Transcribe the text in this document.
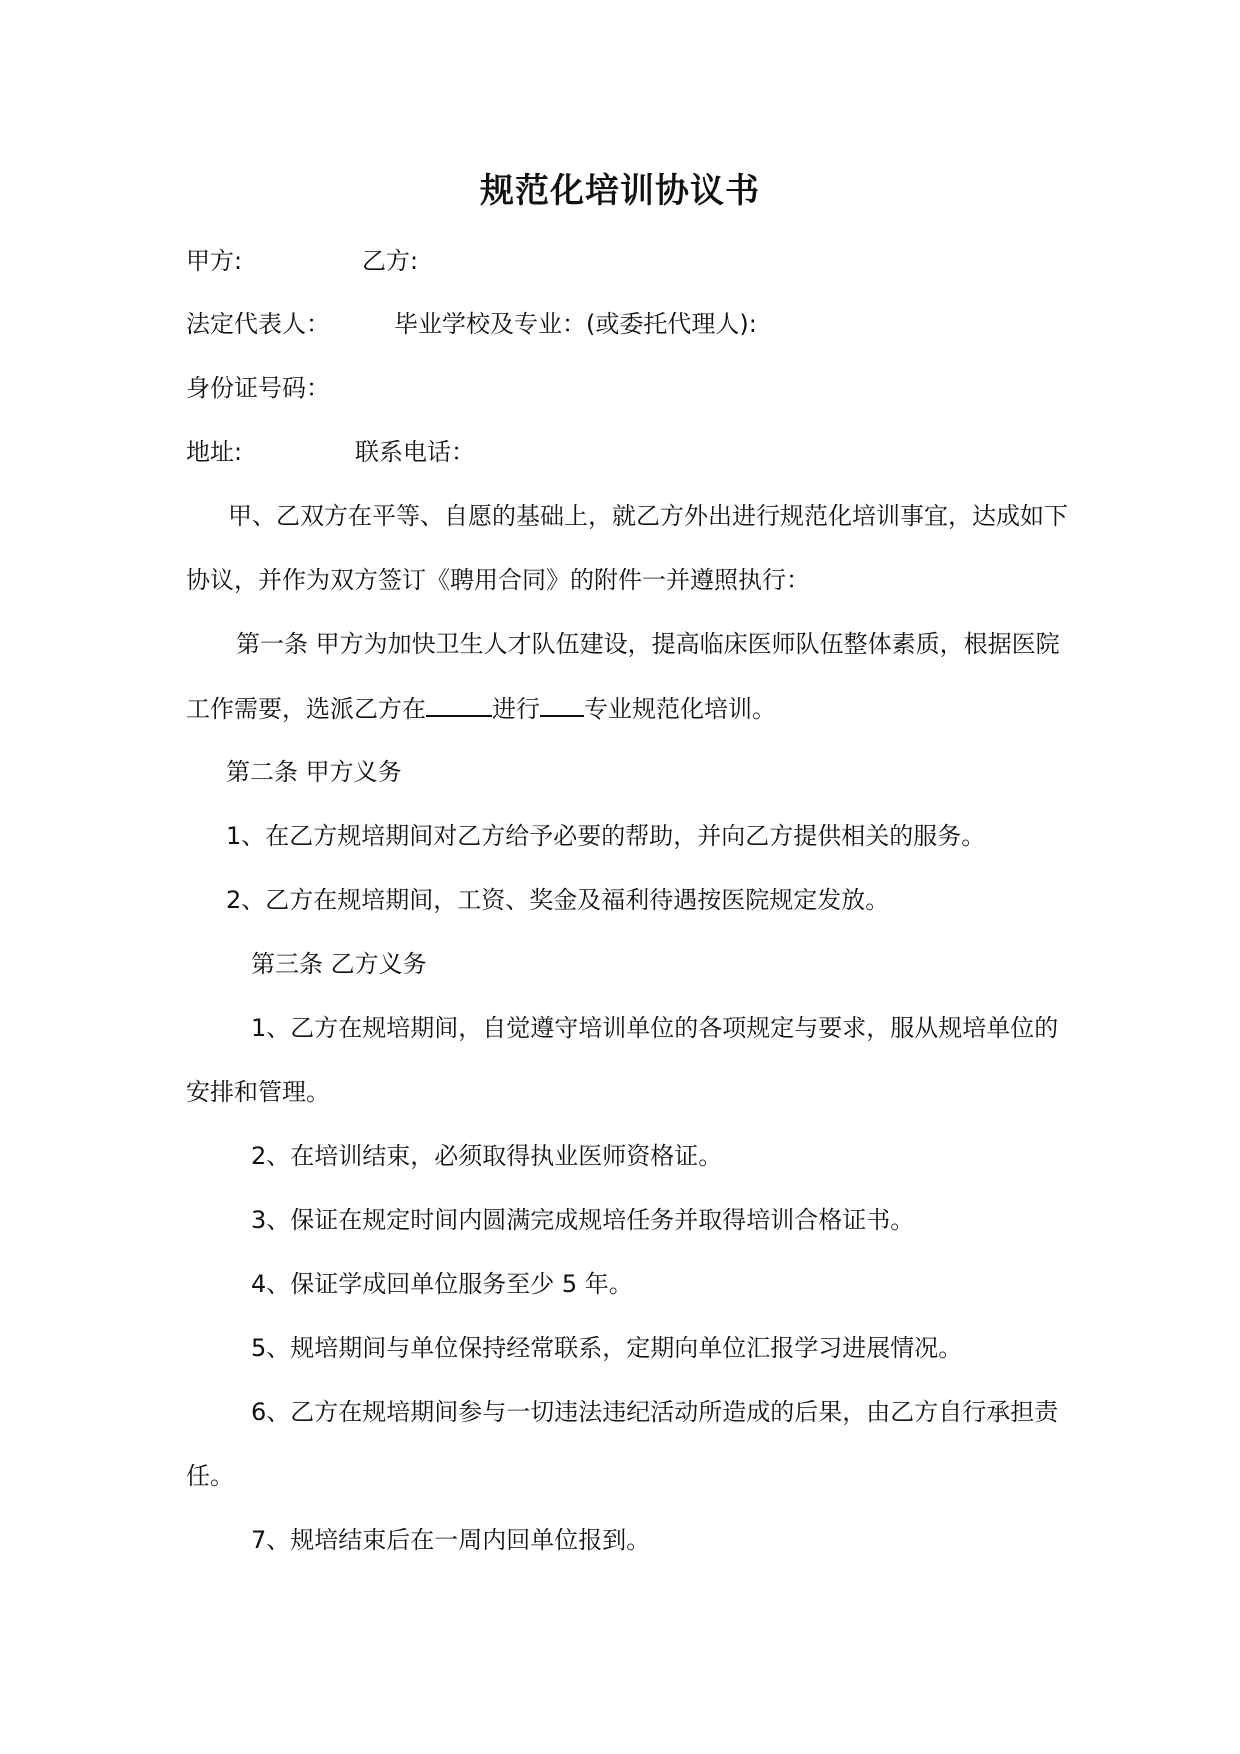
规范化培训协议书
甲方:	乙方:
法定代表人：	毕业学校及专业：(或委托代理人):
身份证号码：
地址:	联系电话：
甲、乙双方在平等、自愿的基础上，就乙方外出进行规范化培训事宜，达成如下
协议，并作为双方签订《聘用合同》的附件一并遵照执行：
第一条 甲方为加快卫生人才队伍建设，提高临床医师队伍整体素质，根据医院
工作需要，选派乙方在	进行 专业规范化培训。
第二条 甲方义务
1、在乙方规培期间对乙方给予必要的帮助，并向乙方提供相关的服务。
2、乙方在规培期间，工资、奖金及福利待遇按医院规定发放。
第三条 乙方义务
1、乙方在规培期间，自觉遵守培训单位的各项规定与要求，服从规培单位的
安排和管理。
2、在培训结束，必须取得执业医师资格证。
3、保证在规定时间内圆满完成规培任务并取得培训合格证书。
4、保证学成回单位服务至少 5 年。
5、规培期间与单位保持经常联系，定期向单位汇报学习进展情况。
6、乙方在规培期间参与一切违法违纪活动所造成的后果，由乙方自行承担责
任。
7、规培结束后在一周内回单位报到。
